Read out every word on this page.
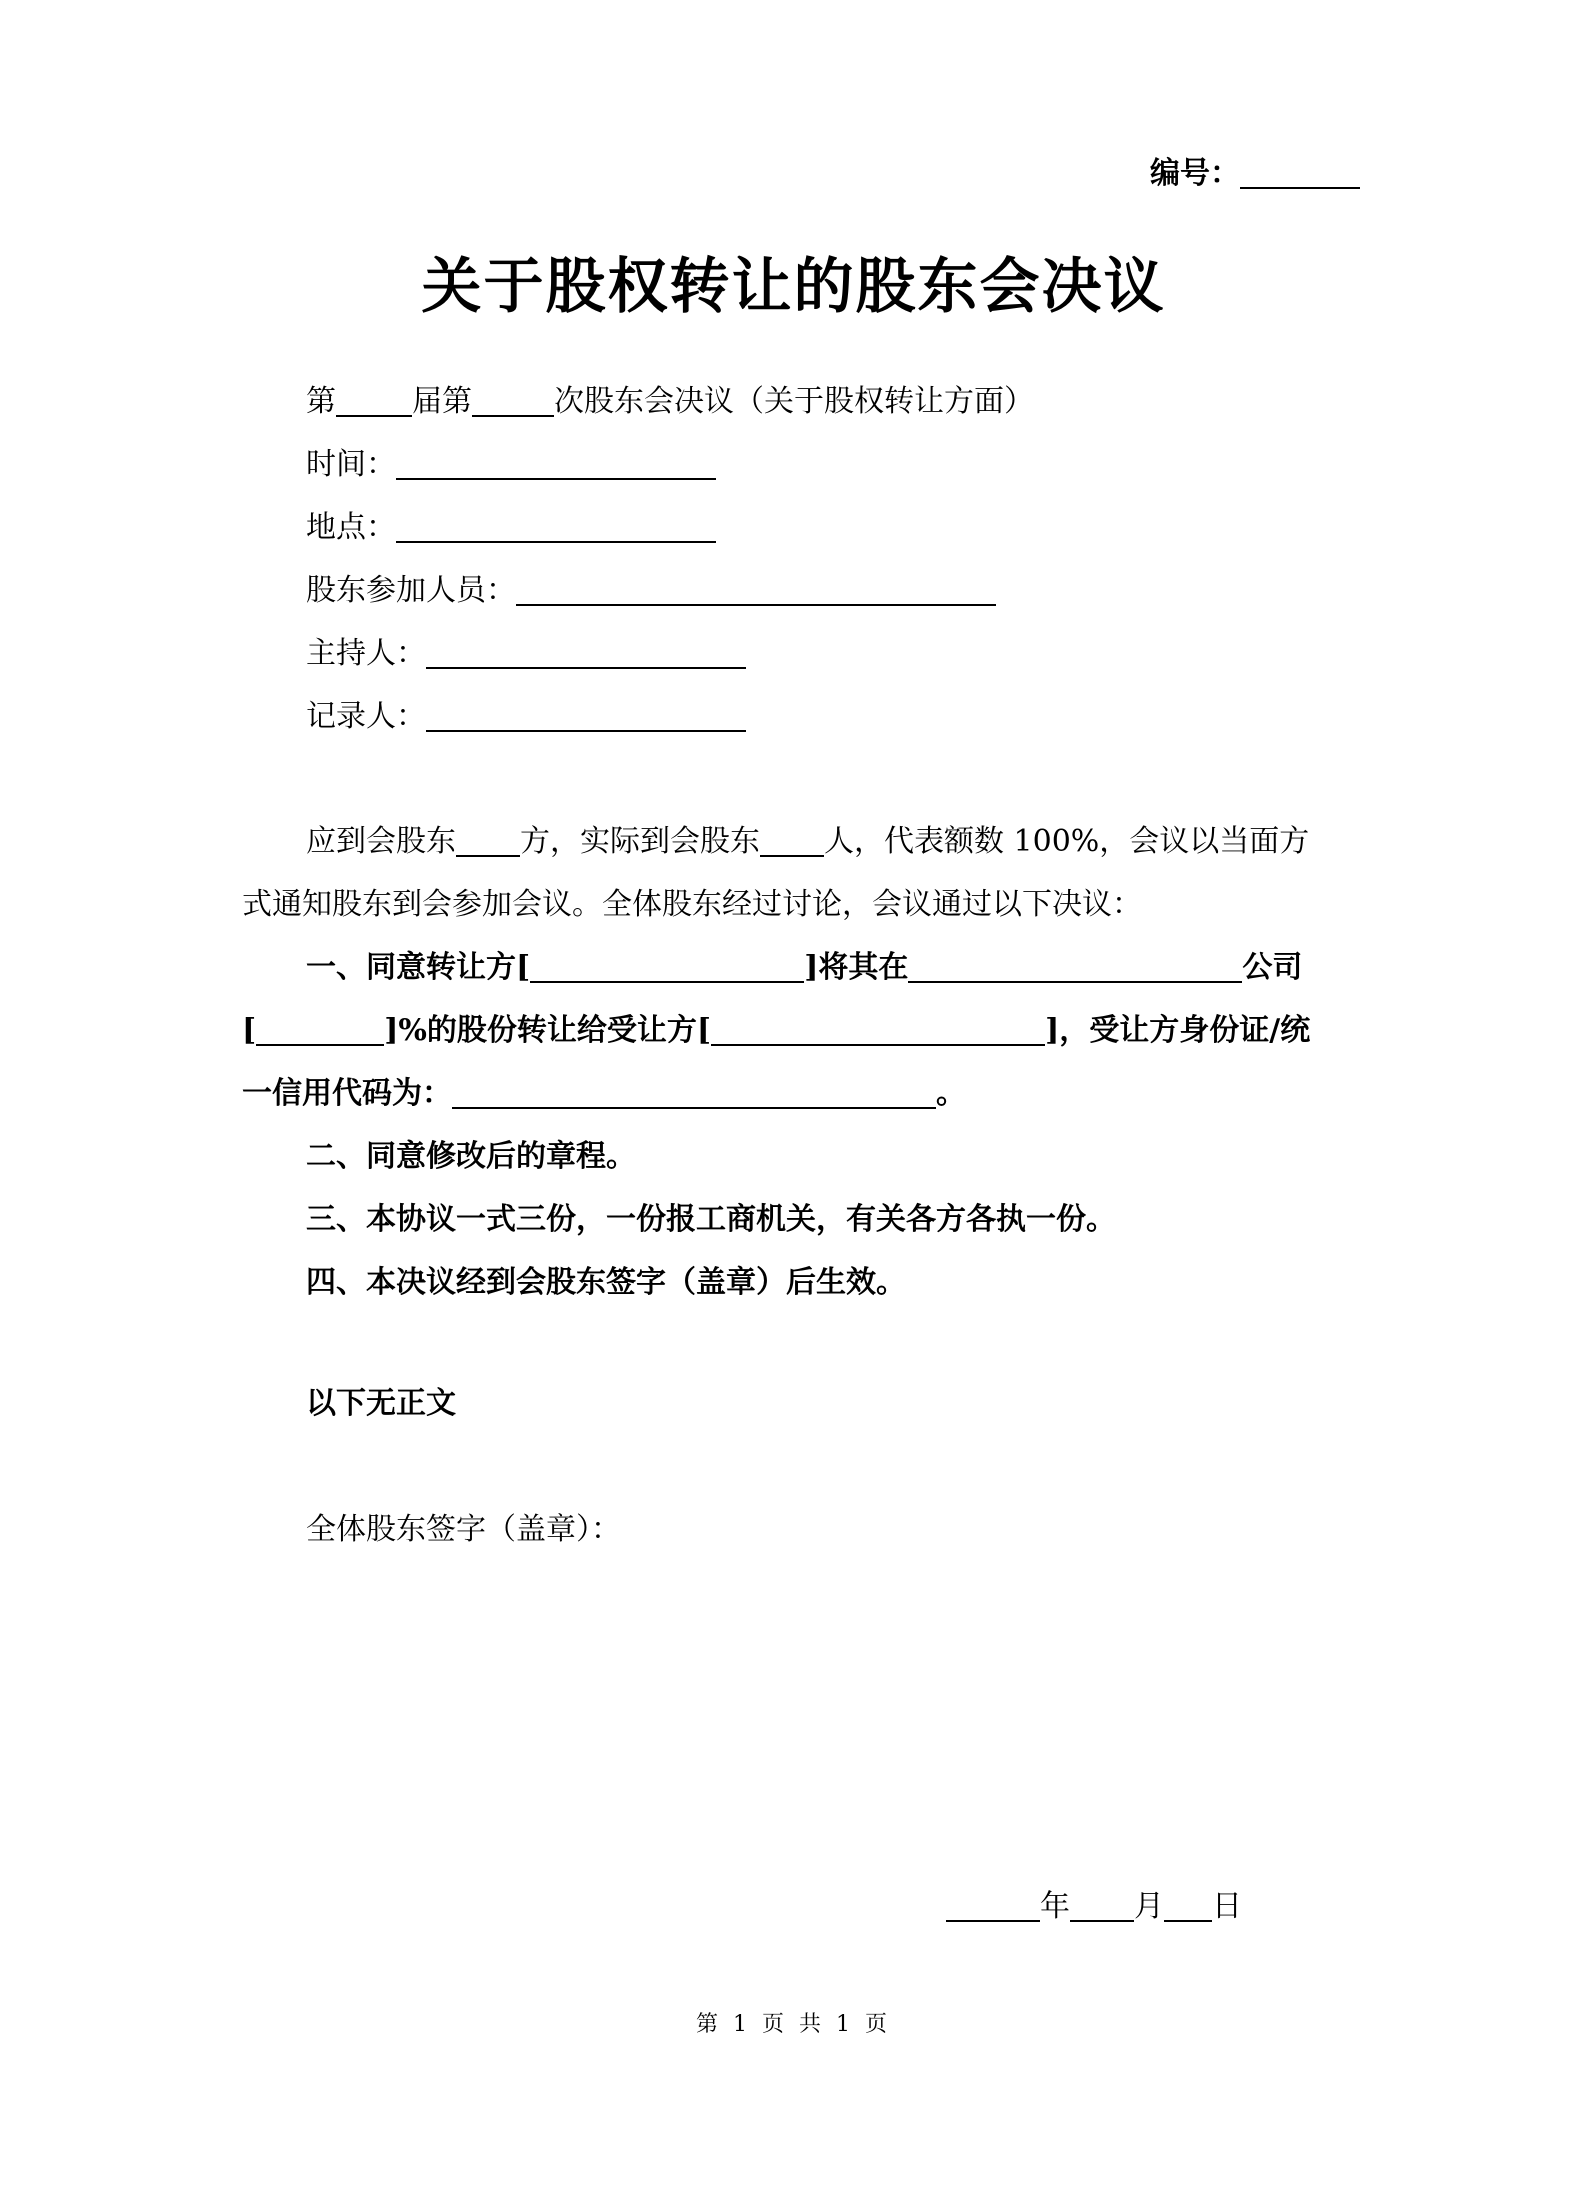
编号：
关于股权转让的股东会决议
第	届第	次股东会决议（关于股权转让方面）
时间：
地点：
股东参加人员：
主持人：
记录人：
应到会股东 方，实际到会股东 人，代表额数 100%，会议以当面方
式通知股东到会参加会议。全体股东经过讨论，会议通过以下决议：
一、同意转让方[	]将其在	公司
[	]%的股份转让给受让方[	]，受让方身份证/统
一信用代码为：	。
二、同意修改后的章程。
三、本协议一式三份，一份报工商机关，有关各方各执一份。
四、本决议经到会股东签字（盖章）后生效。
以下无正文
全体股东签字（盖章）：
年 月 日
第 1 页 共 1 页
